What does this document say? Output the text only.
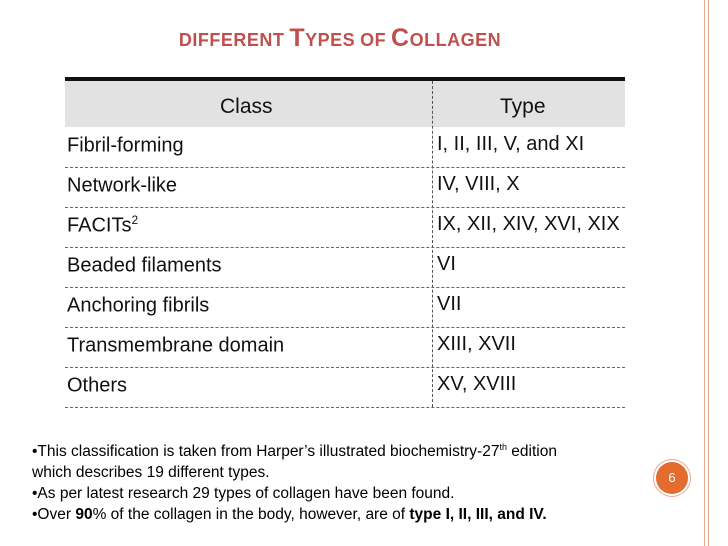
DIFFERENT TYPES OF COLLAGEN
Class	Type
Fibril-forming	I, II, III, V, and XI
Network-like	IV, VIII, X
FACITs$^2$	IX, XII, XIV, XVI, XIX
Beaded filaments	VI
Anchoring fibrils	VII
Transmembrane domain	XIII, XVII
Others	XV, XVIII

•This classification is taken from Harper’s illustrated biochemistry-27th edition

which describes 19 different types.

•As per latest research 29 types of collagen have been found.

•Over 90% of the collagen in the body, however, are of type I, II, III, and IV.

6
